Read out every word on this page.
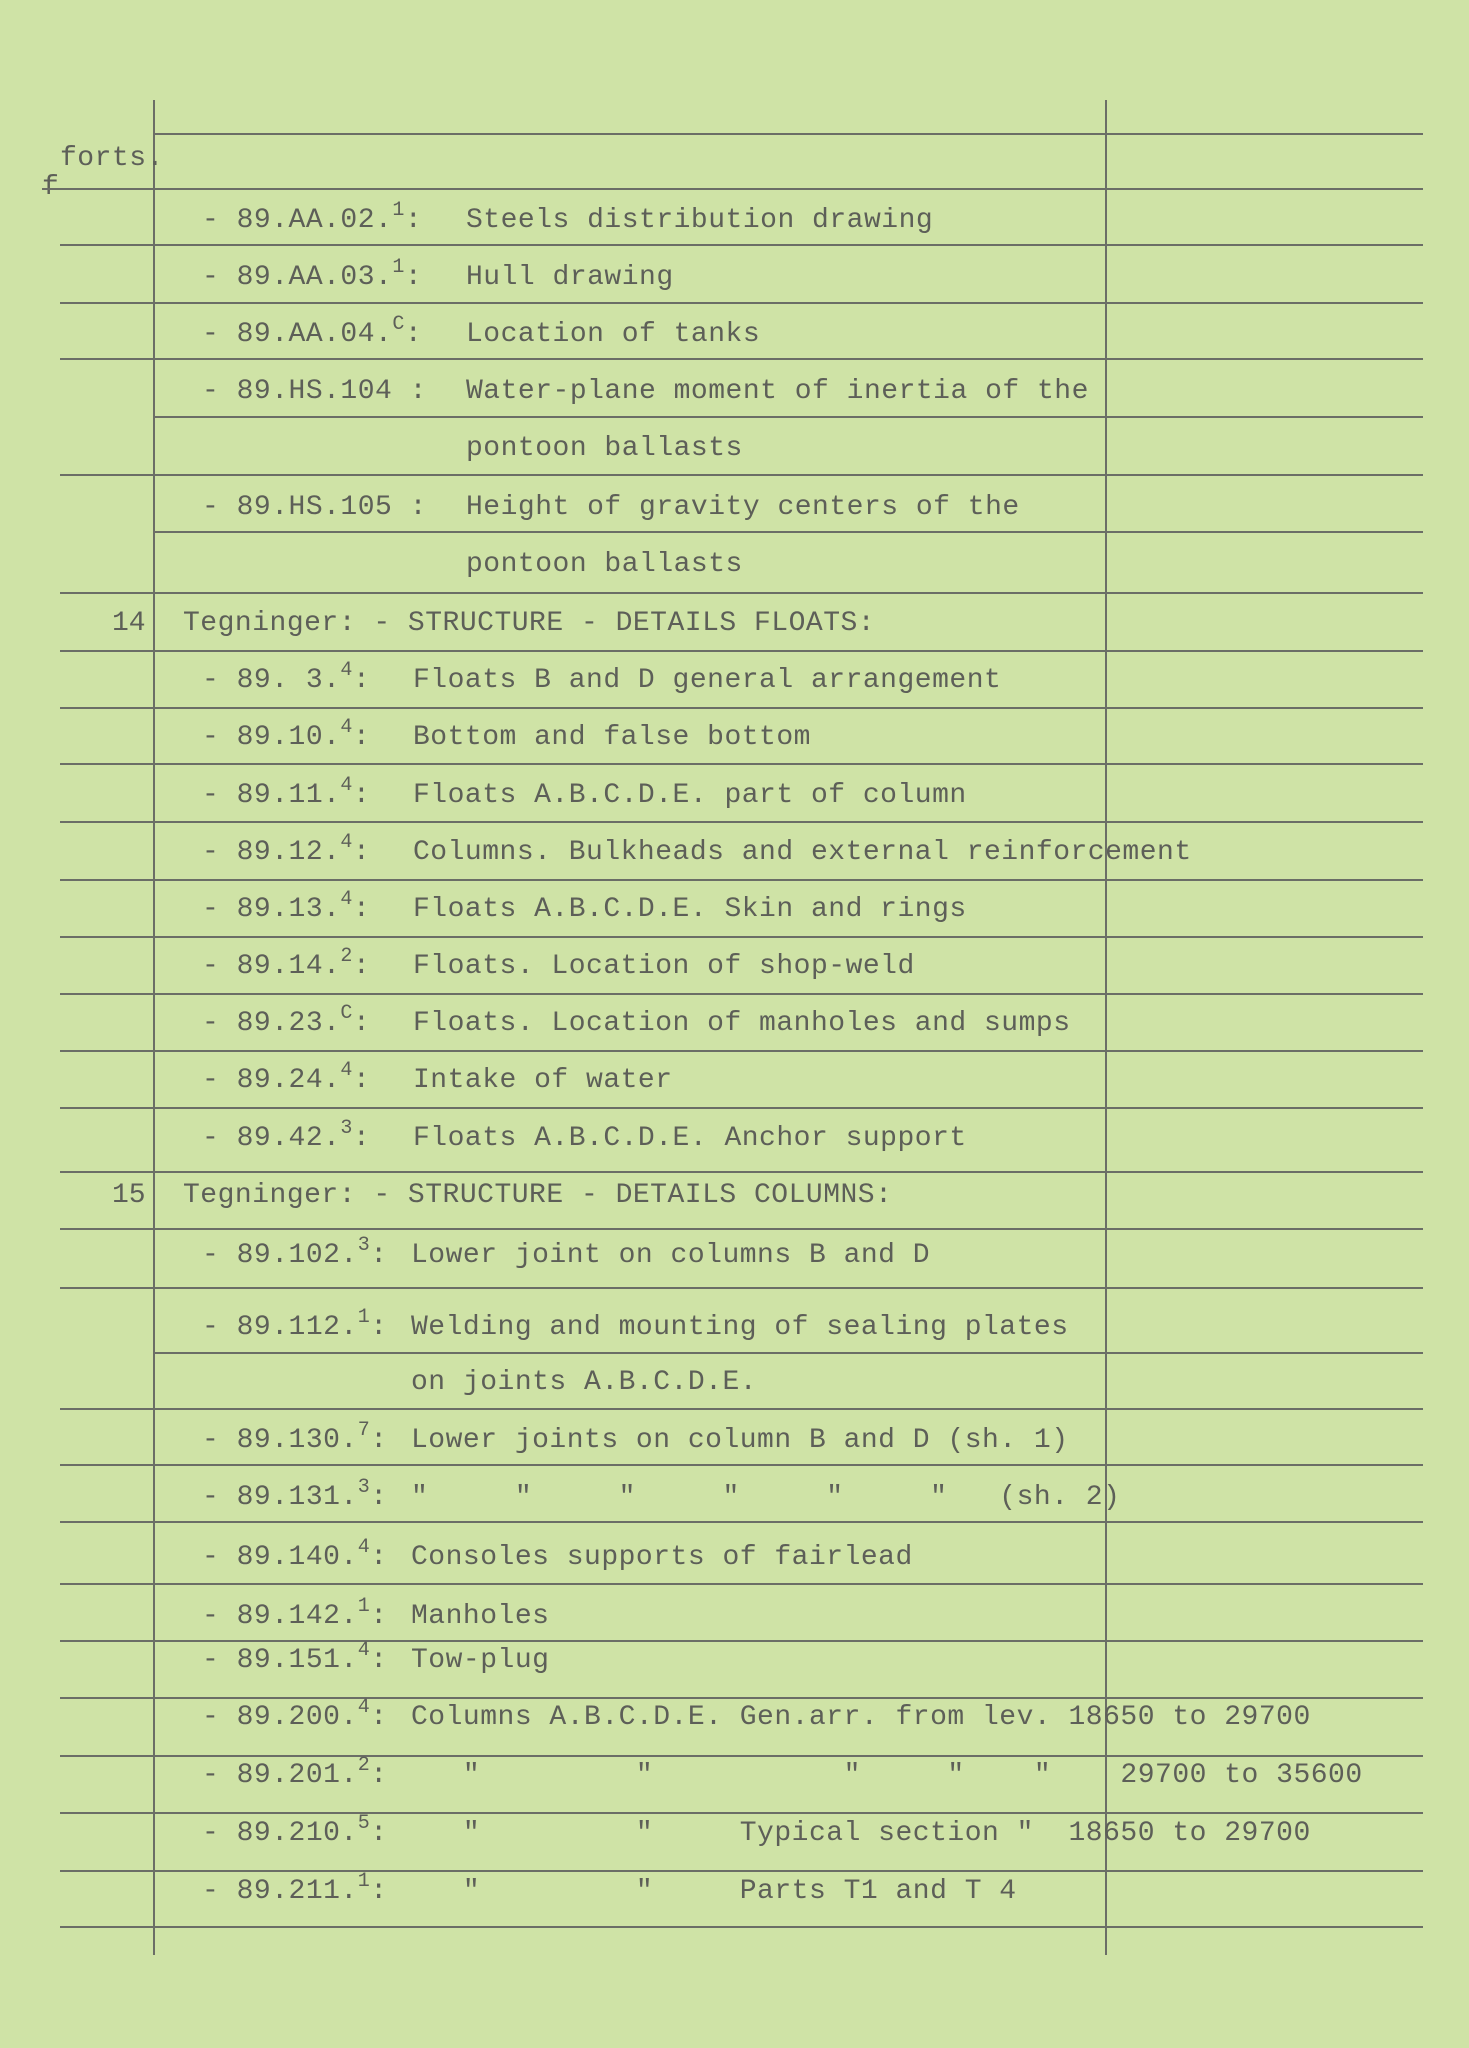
forts.
- 89.AA.02.$^1$: Steels distribution drawing
- 89.AA.03.$^1$: Hull drawing
- 89.AA.04.$^C$: Location of tanks
- 89.HS.104 : Water-plane moment of inertia of the
pontoon ballasts
- 89.HS.105 : Height of gravity centers of the
pontoon ballasts
14 Tegninger: - STRUCTURE - DETAILS FLOATS:
- 89. 3.$^4$: Floats B and D general arrangement
- 89.10.$^4$: Bottom and false bottom
- 89.11.$^4$: Floats A.B.C.D.E. part of column
- 89.12.$^4$: Columns. Bulkheads and external reinforcement
- 89.13.$^4$: Floats A.B.C.D.E. Skin and rings
- 89.14.$^2$: Floats. Location of shop-weld
- 89.23.$^C$: Floats. Location of manholes and sumps
- 89.24.$^4$: Intake of water
- 89.42.$^3$: Floats A.B.C.D.E. Anchor support
15 Tegninger: - STRUCTURE - DETAILS COLUMNS:
- 89.102.$^3$: Lower joint on columns B and D
- 89.112.$^1$: Welding and mounting of sealing plates
on joints A.B.C.D.E.
- 89.130.$^7$: Lower joints on column B and D (sh. 1)
- 89.131.$^3$: "     "     "     "     "     "   (sh. 2)
- 89.140.$^4$: Consoles supports of fairlead
- 89.142.$^1$: Manholes
- 89.151.$^4$: Tow-plug
- 89.200.$^4$: Columns A.B.C.D.E. Gen.arr. from lev. 18650 to 29700
- 89.201.$^2$: "         "           "     "    "    29700 to 35600
- 89.210.$^5$: "         "     Typical section "  18650 to 29700
- 89.211.$^1$: "         "     Parts T1 and T 4
